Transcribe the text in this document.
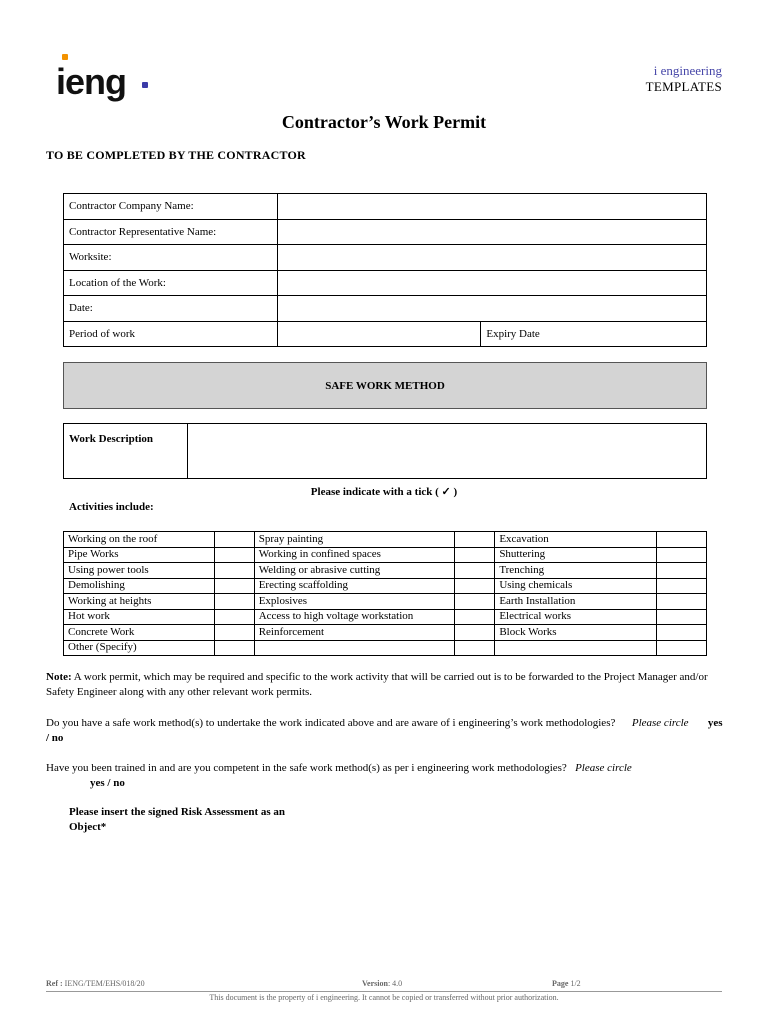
ieng	i engineering
TEMPLATES
Contractor’s Work Permit
TO BE COMPLETED BY THE CONTRACTOR
Contractor Company Name:		
Contractor Representative Name:		
Worksite:		
Location of the Work:		
Date:		
Period of work		Expiry Date
SAFE WORK METHOD
Work Description	
Please indicate with a tick ( ✓ )
Activities include:
Working on the roof		Spray painting		Excavation	
Pipe Works		Working in confined spaces		Shuttering	
Using power tools		Welding or abrasive cutting		Trenching	
Demolishing		Erecting scaffolding		Using chemicals	
Working at heights		Explosives		Earth Installation	
Hot work		Access to high voltage workstation		Electrical works	
Concrete Work		Reinforcement		Block Works	
Other (Specify)					
Note: A work permit, which may be required and specific to the work activity that will be carried out is to be forwarded to the Project Manager and/or Safety Engineer along with any other relevant work permits.
Do you have a safe work method(s) to undertake the work indicated above and are aware of i engineering’s work methodologies? Please circle yes / no
Have you been trained in and are you competent in the safe work method(s) as per i engineering work methodologies? Please circle
yes / no
Please insert the signed Risk Assessment as an Object*
Ref : IENG/TEM/EHS/018/20	Version: 4.0	Page 1/2
This document is the property of i engineering. It cannot be copied or transferred without prior authorization.
